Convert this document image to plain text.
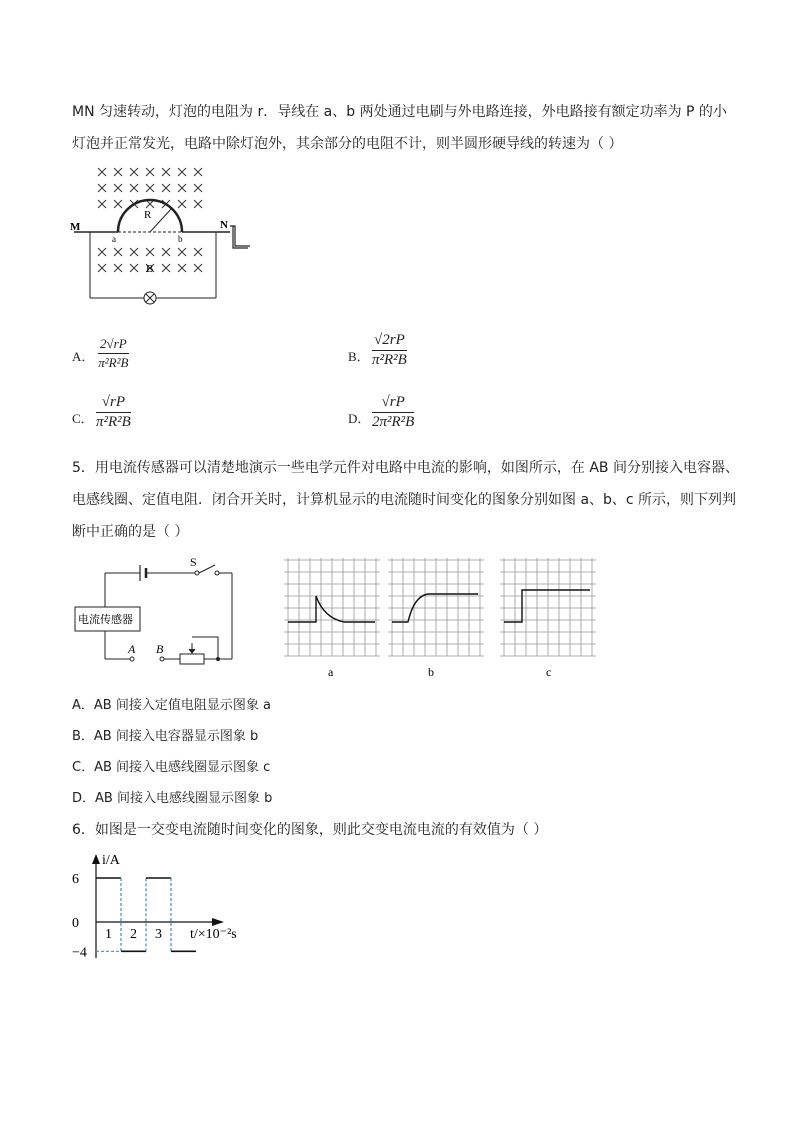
MN 匀速转动，灯泡的电阻为 r．导线在 a、b 两处通过电刷与外电路连接，外电路接有额定功率为 P 的小
灯泡并正常发光，电路中除灯泡外，其余部分的电阻不计，则半圆形硬导线的转速为（ ）
M	N
R
a	b
B
A． $\frac{2√rP}{\text{π²R²B}}$	B． $\frac{√2rP}{\text{π²R²B}}$
C． $\frac{√rP}{\text{π²R²B}}$	D． $\frac{√rP}{\text{2π²R²B}}$
5．用电流传感器可以清楚地演示一些电学元件对电路中电流的影响，如图所示，在 AB 间分别接入电容器、
电感线圈、定值电阻．闭合开关时，计算机显示的电流随时间变化的图象分别如图 a、b、c 所示，则下列判
断中正确的是（ ）
电流传感器
S
A B
a	b	c
A．AB 间接入定值电阻显示图象 a
B．AB 间接入电容器显示图象 b
C．AB 间接入电感线圈显示图象 c
D．AB 间接入电感线圈显示图象 b
6．如图是一交变电流随时间变化的图象，则此交变电流电流的有效值为（ ）
6
0
−4
1 2 3
i/A
t/×10⁻²s
